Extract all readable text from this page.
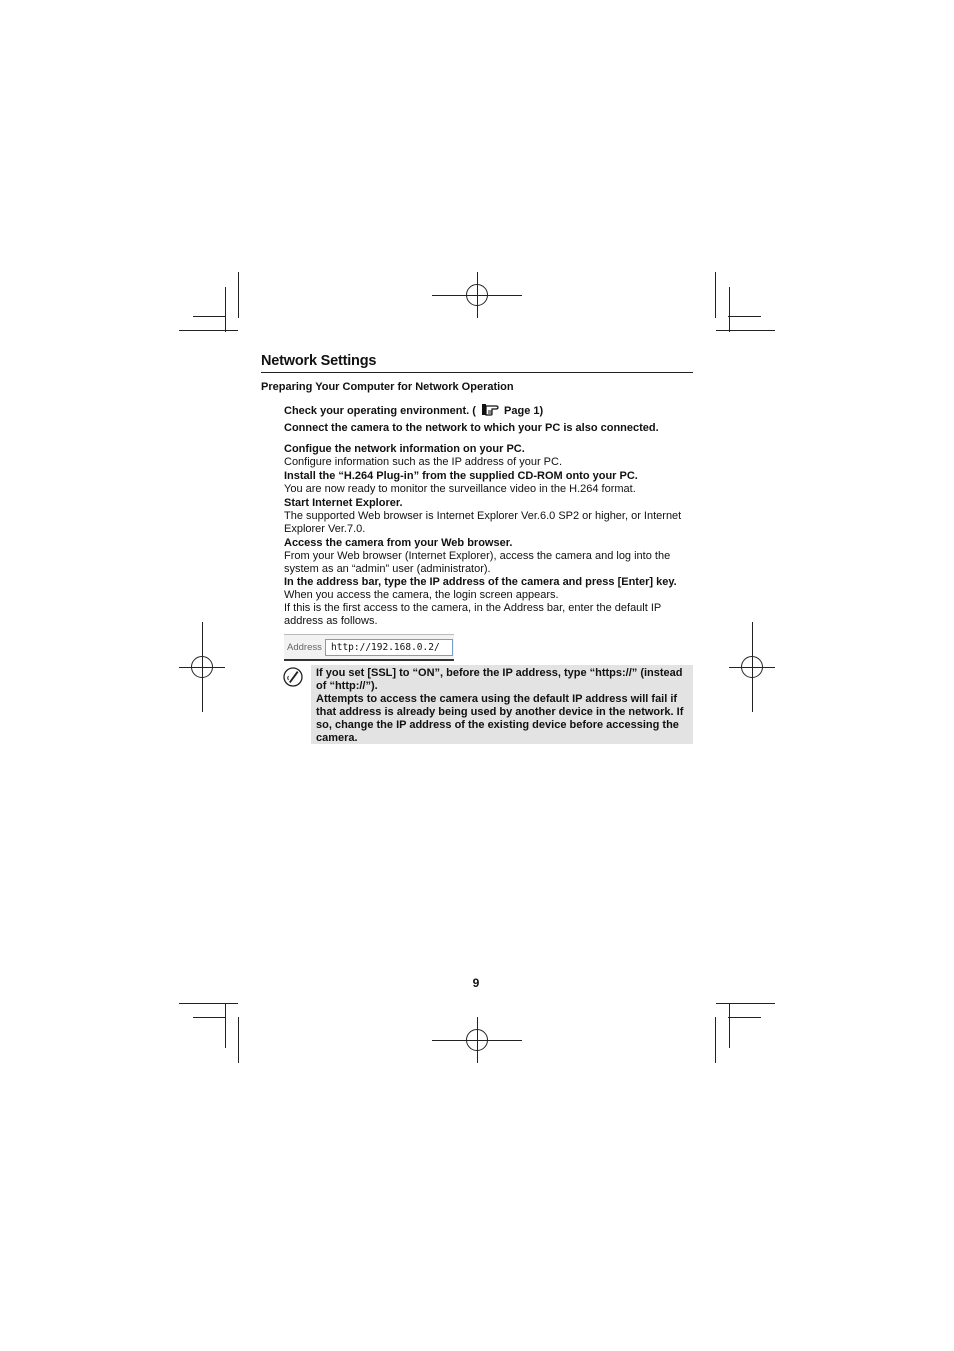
Network Settings
Preparing Your Computer for Network Operation
Check your operating environment. (	Page 1)
Connect the camera to the network to which your PC is also connected.
Configue the network information on your PC.
Configure information such as the IP address of your PC.
Install the “H.264 Plug-in” from the supplied CD-ROM onto your PC.
You are now ready to monitor the surveillance video in the H.264 format.
Start Internet Explorer.
The supported Web browser is Internet Explorer Ver.6.0 SP2 or higher, or Internet Explorer Ver.7.0.
Access the camera from your Web browser.
From your Web browser (Internet Explorer), access the camera and log into the system as an “admin” user (administrator).
In the address bar, type the IP address of the camera and press [Enter] key.
When you access the camera, the login screen appears.
If this is the first access to the camera, in the Address bar, enter the default IP address as follows.
Address http://192.168.0.2/
If you set [SSL] to “ON”, before the IP address, type “https://” (instead of “http://”).
Attempts to access the camera using the default IP address will fail if that address is already being used by another device in the network. If so, change the IP address of the existing device before accessing the camera.
9
